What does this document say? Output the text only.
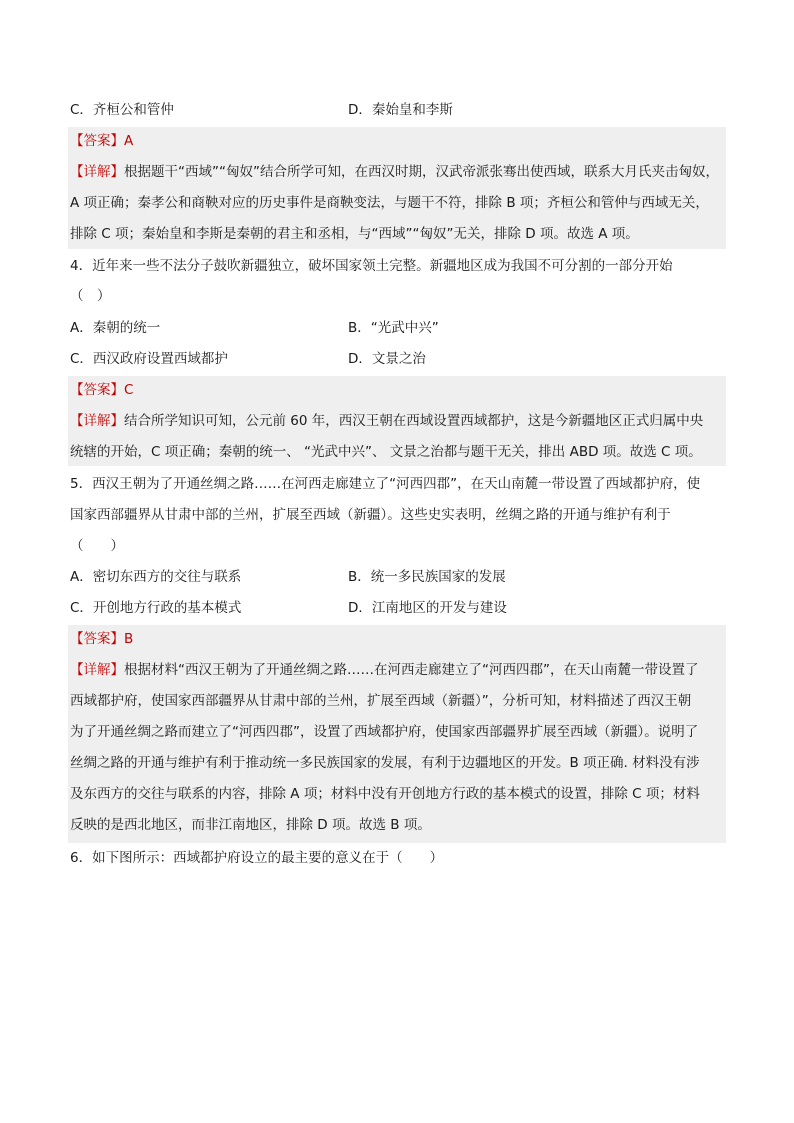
C．齐桓公和管仲	D．秦始皇和李斯
【答案】A
【详解】根据题干“西域”“匈奴”结合所学可知，在西汉时期，汉武帝派张骞出使西域，联系大月氏夹击匈奴，
A 项正确；秦孝公和商鞅对应的历史事件是商鞅变法，与题干不符，排除 B 项；齐桓公和管仲与西域无关，
排除 C 项；秦始皇和李斯是秦朝的君主和丞相，与“西域”“匈奴”无关，排除 D 项。故选 A 项。
4．近年来一些不法分子鼓吹新疆独立，破坏国家领土完整。新疆地区成为我国不可分割的一部分开始
（　）
A．秦朝的统一	B．“光武中兴”
C．西汉政府设置西域都护	D．文景之治
【答案】C
【详解】结合所学知识可知，公元前 60 年，西汉王朝在西域设置西域都护，这是今新疆地区正式归属中央
统辖的开始，C 项正确；秦朝的统一、 “光武中兴”、 文景之治都与题干无关，排出 ABD 项。故选 C 项。
5．西汉王朝为了开通丝绸之路……在河西走廊建立了“河西四郡”，在天山南麓一带设置了西域都护府，使
国家西部疆界从甘肃中部的兰州，扩展至西域（新疆）。这些史实表明，丝绸之路的开通与维护有利于
（　　）
A．密切东西方的交往与联系	B．统一多民族国家的发展
C．开创地方行政的基本模式	D．江南地区的开发与建设
【答案】B
【详解】根据材料“西汉王朝为了开通丝绸之路……在河西走廊建立了“河西四郡”，在天山南麓一带设置了
西域都护府，使国家西部疆界从甘肃中部的兰州，扩展至西域（新疆）”，分析可知，材料描述了西汉王朝
为了开通丝绸之路而建立了“河西四郡”，设置了西域都护府，使国家西部疆界扩展至西域（新疆）。说明了
丝绸之路的开通与维护有利于推动统一多民族国家的发展，有利于边疆地区的开发。B 项正确. 材料没有涉
及东西方的交往与联系的内容，排除 A 项；材料中没有开创地方行政的基本模式的设置，排除 C 项；材料
反映的是西北地区，而非江南地区，排除 D 项。故选 B 项。
6．如下图所示：西域都护府设立的最主要的意义在于（　　）
